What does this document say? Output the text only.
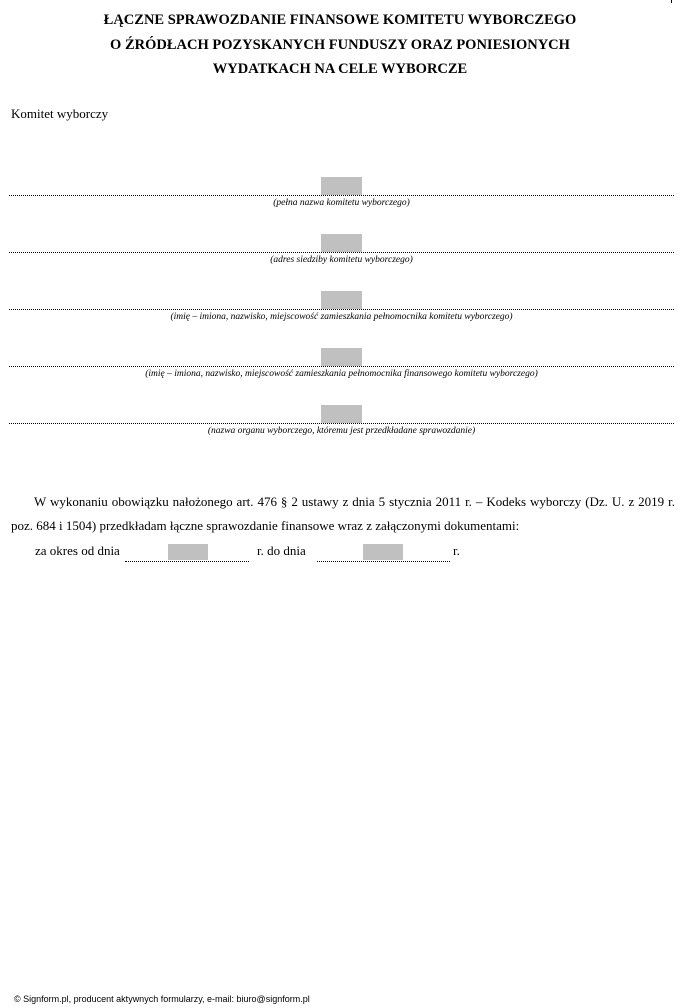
ŁĄCZNE SPRAWOZDANIE FINANSOWE KOMITETU WYBORCZEGO
O ŹRÓDŁACH POZYSKANYCH FUNDUSZY ORAZ PONIESIONYCH
WYDATKACH NA CELE WYBORCZE
Komitet wyborczy
(pełna nazwa komitetu wyborczego)
(adres siedziby komitetu wyborczego)
(imię – imiona, nazwisko, miejscowość zamieszkania pełnomocnika komitetu wyborczego)
(imię – imiona, nazwisko, miejscowość zamieszkania pełnomocnika finansowego komitetu wyborczego)
(nazwa organu wyborczego, któremu jest przedkładane sprawozdanie)
W wykonaniu obowiązku nałożonego art. 476 § 2 ustawy z dnia 5 stycznia 2011 r. – Kodeks wyborczy (Dz. U. z 2019 r. poz. 684 i 1504) przedkładam łączne sprawozdanie finansowe wraz z załączonymi dokumentami:
za okres od dnia	r. do dnia	r.
© Signform.pl, producent aktywnych formularzy, e-mail: biuro@signform.pl
